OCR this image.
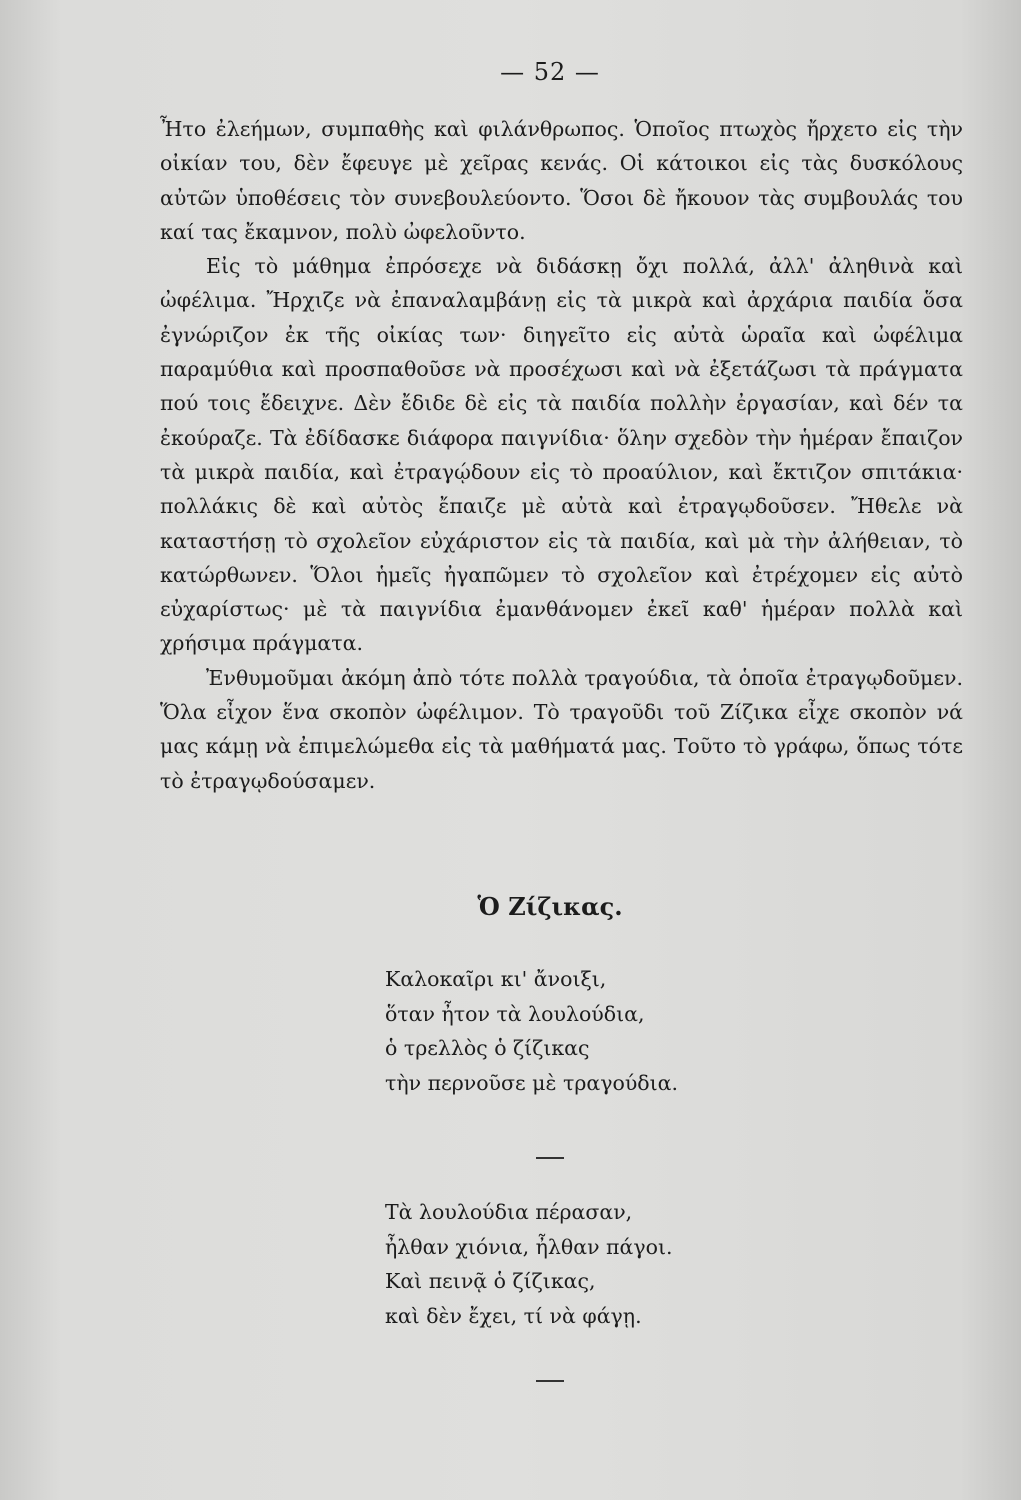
— 52 —

Ἦτο ἐλεήμων, συμπαθὴς καὶ φιλάνθρωπος. Ὁποῖος πτωχὸς ἤρχετο εἰς τὴν οἰκίαν του, δὲν ἔφευγε μὲ χεῖρας κενάς. Οἱ κάτοικοι εἰς τὰς δυσκόλους αὐτῶν ὑποθέσεις τὸν συνεβουλεύοντο. Ὅσοι δὲ ἤκουον τὰς συμβουλάς του καί τας ἔκαμνον, πολὺ ὠφελοῦντο.

Εἰς τὸ μάθημα ἐπρόσεχε νὰ διδάσκῃ ὄχι πολλά, ἀλλ' ἀληθινὰ καὶ ὠφέλιμα. Ἤρχιζε νὰ ἐπαναλαμβάνῃ εἰς τὰ μικρὰ καὶ ἀρχάρια παιδία ὅσα ἐγνώριζον ἐκ τῆς οἰκίας των· διηγεῖτο εἰς αὐτὰ ὡραῖα καὶ ὠφέλιμα παραμύθια καὶ προσπαθοῦσε νὰ προσέχωσι καὶ νὰ ἐξετάζωσι τὰ πράγματα πού τοις ἔδειχνε. Δὲν ἔδιδε δὲ εἰς τὰ παιδία πολλὴν ἐργασίαν, καὶ δέν τα ἐκούραζε. Τὰ ἐδίδασκε διάφορα παιγνίδια· ὅλην σχεδὸν τὴν ἡμέραν ἔπαιζον τὰ μικρὰ παιδία, καὶ ἐτραγῴδουν εἰς τὸ προαύλιον, καὶ ἔκτιζον σπιτάκια· πολλάκις δὲ καὶ αὐτὸς ἔπαιζε μὲ αὐτὰ καὶ ἐτραγῳδοῦσεν. Ἤθελε νὰ καταστήσῃ τὸ σχολεῖον εὐχάριστον εἰς τὰ παιδία, καὶ μὰ τὴν ἀλήθειαν, τὸ κατώρθωνεν. Ὅλοι ἡμεῖς ἠγαπῶμεν τὸ σχολεῖον καὶ ἐτρέχομεν εἰς αὐτὸ εὐχαρίστως· μὲ τὰ παιγνίδια ἐμανθάνομεν ἐκεῖ καθ' ἡμέραν πολλὰ καὶ χρήσιμα πράγματα.

Ἐνθυμοῦμαι ἀκόμη ἀπὸ τότε πολλὰ τραγούδια, τὰ ὁποῖα ἐτραγῳδοῦμεν. Ὅλα εἶχον ἕνα σκοπὸν ὠφέλιμον. Τὸ τραγοῦδι τοῦ Ζίζικα εἶχε σκοπὸν νά μας κάμῃ νὰ ἐπιμελώμεθα εἰς τὰ μαθήματά μας. Τοῦτο τὸ γράφω, ὅπως τότε τὸ ἐτραγῳδούσαμεν.

Ὁ Ζίζικας.
Καλοκαῖρι κι' ἄνοιξι,
ὅταν ἦτον τὰ λουλούδια,
ὁ τρελλὸς ὁ ζίζικας
τὴν περνοῦσε μὲ τραγούδια.
Τὰ λουλούδια πέρασαν,
ἦλθαν χιόνια, ἦλθαν πάγοι.
Καὶ πεινᾷ ὁ ζίζικας,
καὶ δὲν ἔχει, τί νὰ φάγῃ.
